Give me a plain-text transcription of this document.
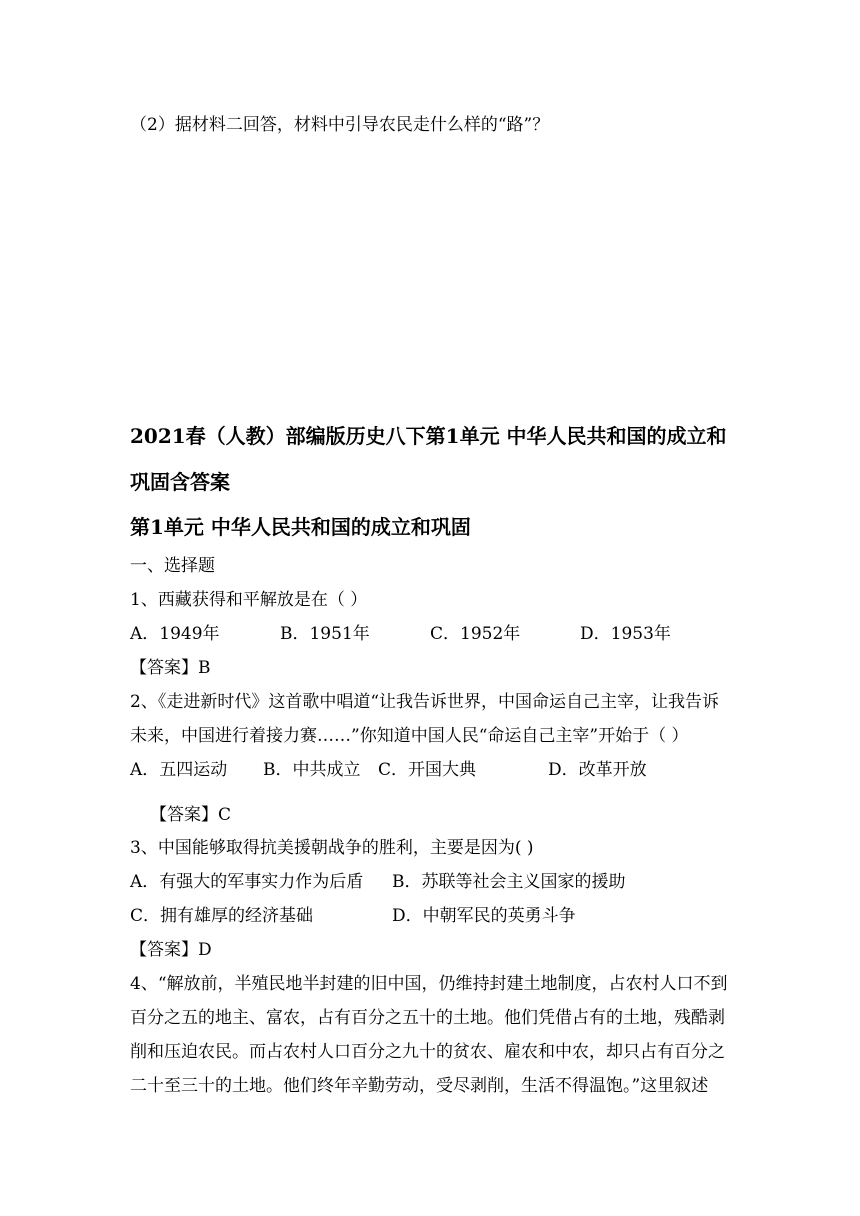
（2）据材料二回答，材料中引导农民走什么样的“路”？
2021春（人教）部编版历史八下第1单元 中华人民共和国的成立和
巩固含答案
第1单元 中华人民共和国的成立和巩固
一、选择题
1、西藏获得和平解放是在（ ）
A．1949年	B．1951年	C．1952年	D．1953年
【答案】B
2、《走进新时代》这首歌中唱道“让我告诉世界，中国命运自己主宰，让我告诉
未来，中国进行着接力赛……”你知道中国人民“命运自己主宰”开始于（ ）
A．五四运动 B．中共成立 C．开国大典	D．改革开放
【答案】C
3、中国能够取得抗美援朝战争的胜利，主要是因为( )
A．有强大的军事实力作为后盾 B．苏联等社会主义国家的援助
C．拥有雄厚的经济基础	D．中朝军民的英勇斗争
【答案】D
4、“解放前，半殖民地半封建的旧中国，仍维持封建土地制度，占农村人口不到
百分之五的地主、富农，占有百分之五十的土地。他们凭借占有的土地，残酷剥
削和压迫农民。而占农村人口百分之九十的贫农、雇农和中农，却只占有百分之
二十至三十的土地。他们终年辛勤劳动，受尽剥削，生活不得温饱。”这里叙述
